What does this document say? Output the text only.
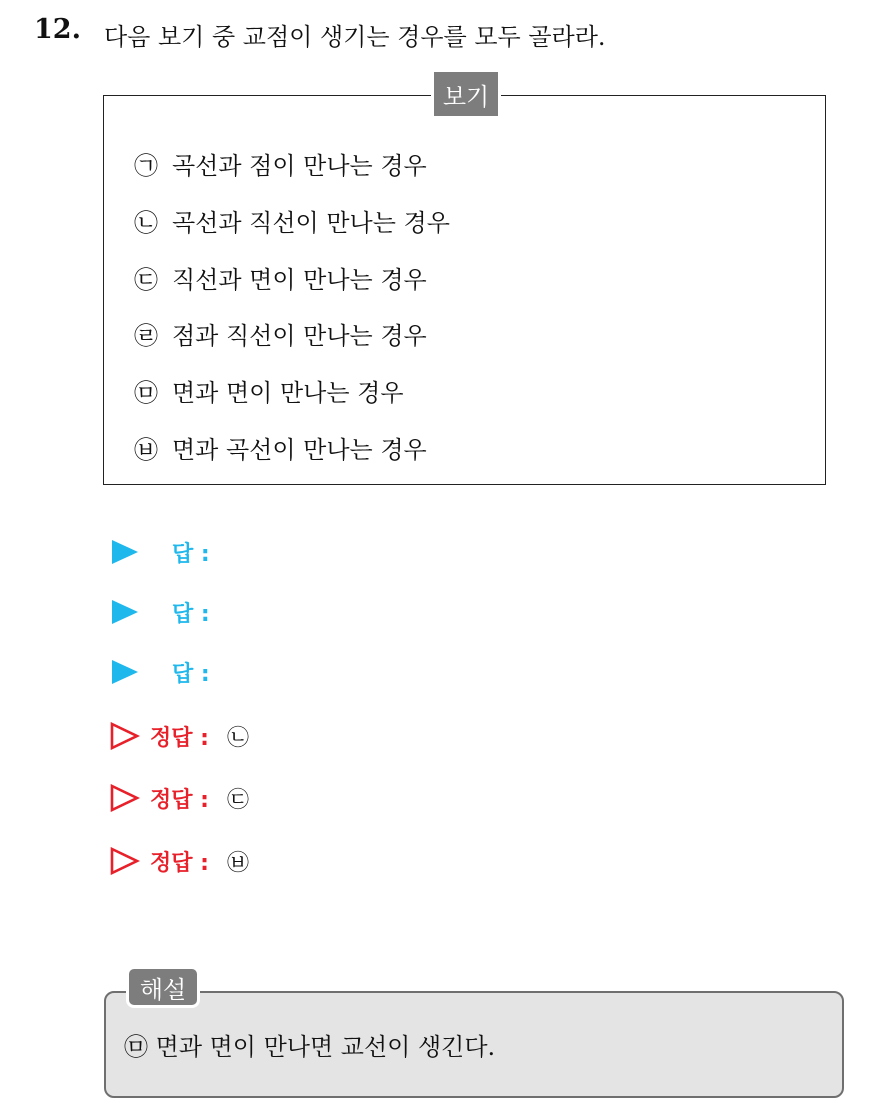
12. 다음 보기 중 교점이 생기는 경우를 모두 골라라.
보기
㉠ 곡선과 점이 만나는 경우
㉡ 곡선과 직선이 만나는 경우
㉢ 직선과 면이 만나는 경우
㉣ 점과 직선이 만나는 경우
㉤ 면과 면이 만나는 경우
㉥ 면과 곡선이 만나는 경우
답 :
답 :
답 :
정답 : ㉡
정답 : ㉢
정답 : ㉥
해설
㉤ 면과 면이 만나면 교선이 생긴다.
